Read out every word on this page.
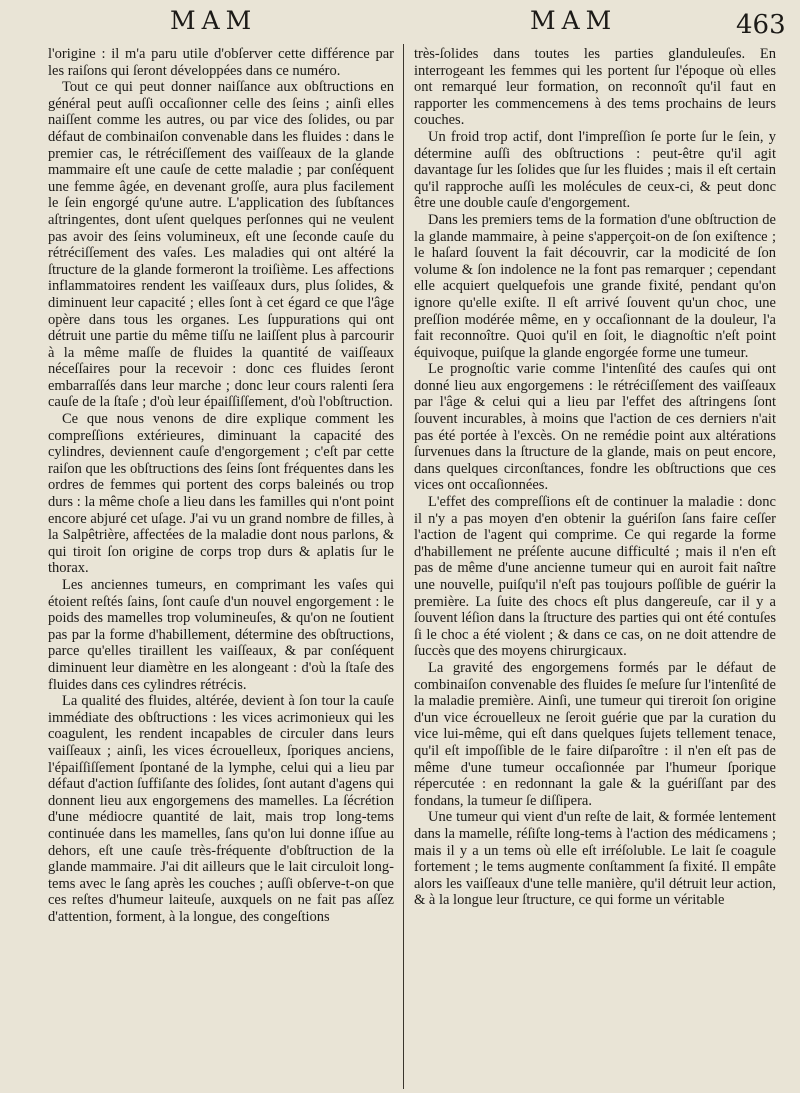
MAM	MAM	463

l'origine : il m'a paru utile d'obſerver cette différence par les raiſons qui ſeront développées dans ce numéro.

Tout ce qui peut donner naiſſance aux obſtructions en général peut auſſi occaſionner celle des ſeins ; ainſi elles naiſſent comme les autres, ou par vice des ſolides, ou par défaut de combinaiſon convenable dans les fluides : dans le premier cas, le rétréciſſement des vaiſſeaux de la glande mammaire eſt une cauſe de cette maladie ; par conſéquent une femme âgée, en devenant groſſe, aura plus facilement le ſein engorgé qu'une autre. L'application des ſubſtances aſtringentes, dont uſent quelques perſonnes qui ne veulent pas avoir des ſeins volumineux, eſt une ſeconde cauſe du rétréciſſement des vaſes. Les maladies qui ont altéré la ſtructure de la glande formeront la troiſième. Les affections inflammatoires rendent les vaiſſeaux durs, plus ſolides, & diminuent leur capacité ; elles ſont à cet égard ce que l'âge opère dans tous les organes. Les ſuppurations qui ont détruit une partie du même tiſſu ne laiſſent plus à parcourir à la même maſſe de fluides la quantité de vaiſſeaux néceſſaires pour la recevoir : donc ces fluides ſeront embarraſſés dans leur marche ; donc leur cours ralenti ſera cauſe de la ſtaſe ; d'où leur épaiſſiſſement, d'où l'obſtruction.

Ce que nous venons de dire explique comment les compreſſions extérieures, diminuant la capacité des cylindres, deviennent cauſe d'engorgement ; c'eſt par cette raiſon que les obſtructions des ſeins ſont fréquentes dans les ordres de femmes qui portent des corps baleinés ou trop durs : la même choſe a lieu dans les familles qui n'ont point encore abjuré cet uſage. J'ai vu un grand nombre de filles, à la Salpêtrière, affectées de la maladie dont nous parlons, & qui tiroit ſon origine de corps trop durs & aplatis ſur le thorax.

Les anciennes tumeurs, en comprimant les vaſes qui étoient reſtés ſains, ſont cauſe d'un nouvel engorgement : le poids des mamelles trop volumineuſes, & qu'on ne ſoutient pas par la forme d'habillement, détermine des obſtructions, parce qu'elles tiraillent les vaiſſeaux, & par conſéquent diminuent leur diamètre en les alongeant : d'où la ſtaſe des fluides dans ces cylindres rétrécis.

La qualité des fluides, altérée, devient à ſon tour la cauſe immédiate des obſtructions : les vices acrimonieux qui les coagulent, les rendent incapables de circuler dans leurs vaiſſeaux ; ainſi, les vices écrouelleux, ſporiques anciens, l'épaiſſiſſement ſpontané de la lymphe, celui qui a lieu par défaut d'action ſuffiſante des ſolides, ſont autant d'agens qui donnent lieu aux engorgemens des mamelles. La ſécrétion d'une médiocre quantité de lait, mais trop long-tems continuée dans les mamelles, ſans qu'on lui donne iſſue au dehors, eſt une cauſe très-fréquente d'obſtruction de la glande mammaire. J'ai dit ailleurs que le lait circuloit long-tems avec le ſang après les couches ; auſſi obſerve-t-on que ces reſtes d'humeur laiteuſe, auxquels on ne fait pas aſſez d'attention, forment, à la longue, des congeſtions

très-ſolides dans toutes les parties glanduleuſes. En interrogeant les femmes qui les portent ſur l'époque où elles ont remarqué leur formation, on reconnoît qu'il faut en rapporter les commencemens à des tems prochains de leurs couches.

Un froid trop actif, dont l'impreſſion ſe porte ſur le ſein, y détermine auſſi des obſtructions : peut-être qu'il agit davantage ſur les ſolides que ſur les fluides ; mais il eſt certain qu'il rapproche auſſi les molécules de ceux-ci, & peut donc être une double cauſe d'engorgement.

Dans les premiers tems de la formation d'une obſtruction de la glande mammaire, à peine s'apperçoit-on de ſon exiſtence ; le haſard ſouvent la fait découvrir, car la modicité de ſon volume & ſon indolence ne la font pas remarquer ; cependant elle acquiert quelquefois une grande fixité, pendant qu'on ignore qu'elle exiſte. Il eſt arrivé ſouvent qu'un choc, une preſſion modérée même, en y occaſionnant de la douleur, l'a fait reconnoître. Quoi qu'il en ſoit, le diagnoſtic n'eſt point équivoque, puiſque la glande engorgée forme une tumeur.

Le prognoſtic varie comme l'intenſité des cauſes qui ont donné lieu aux engorgemens : le rétréciſſement des vaiſſeaux par l'âge & celui qui a lieu par l'effet des aſtringens ſont ſouvent incurables, à moins que l'action de ces derniers n'ait pas été portée à l'excès. On ne remédie point aux altérations ſurvenues dans la ſtructure de la glande, mais on peut encore, dans quelques circonſtances, fondre les obſtructions que ces vices ont occaſionnées.

L'effet des compreſſions eſt de continuer la maladie : donc il n'y a pas moyen d'en obtenir la guériſon ſans faire ceſſer l'action de l'agent qui comprime. Ce qui regarde la forme d'habillement ne préſente aucune difficulté ; mais il n'en eſt pas de même d'une ancienne tumeur qui en auroit fait naître une nouvelle, puiſqu'il n'eſt pas toujours poſſible de guérir la première. La ſuite des chocs eſt plus dangereuſe, car il y a ſouvent léſion dans la ſtructure des parties qui ont été contuſes ſi le choc a été violent ; & dans ce cas, on ne doit attendre de ſuccès que des moyens chirurgicaux.

La gravité des engorgemens formés par le défaut de combinaiſon convenable des fluides ſe meſure ſur l'intenſité de la maladie première. Ainſi, une tumeur qui tireroit ſon origine d'un vice écrouelleux ne ſeroit guérie que par la curation du vice lui-même, qui eſt dans quelques ſujets tellement tenace, qu'il eſt impoſſible de le faire diſparoître : il n'en eſt pas de même d'une tumeur occaſionnée par l'humeur ſporique répercutée : en redonnant la gale & la guériſſant par des fondans, la tumeur ſe diſſipera.

Une tumeur qui vient d'un reſte de lait, & formée lentement dans la mamelle, réſiſte long-tems à l'action des médicamens ; mais il y a un tems où elle eſt irréſoluble. Le lait ſe coagule fortement ; le tems augmente conſtamment ſa fixité. Il empâte alors les vaiſſeaux d'une telle manière, qu'il détruit leur action, & à la longue leur ſtructure, ce qui forme un véritable
